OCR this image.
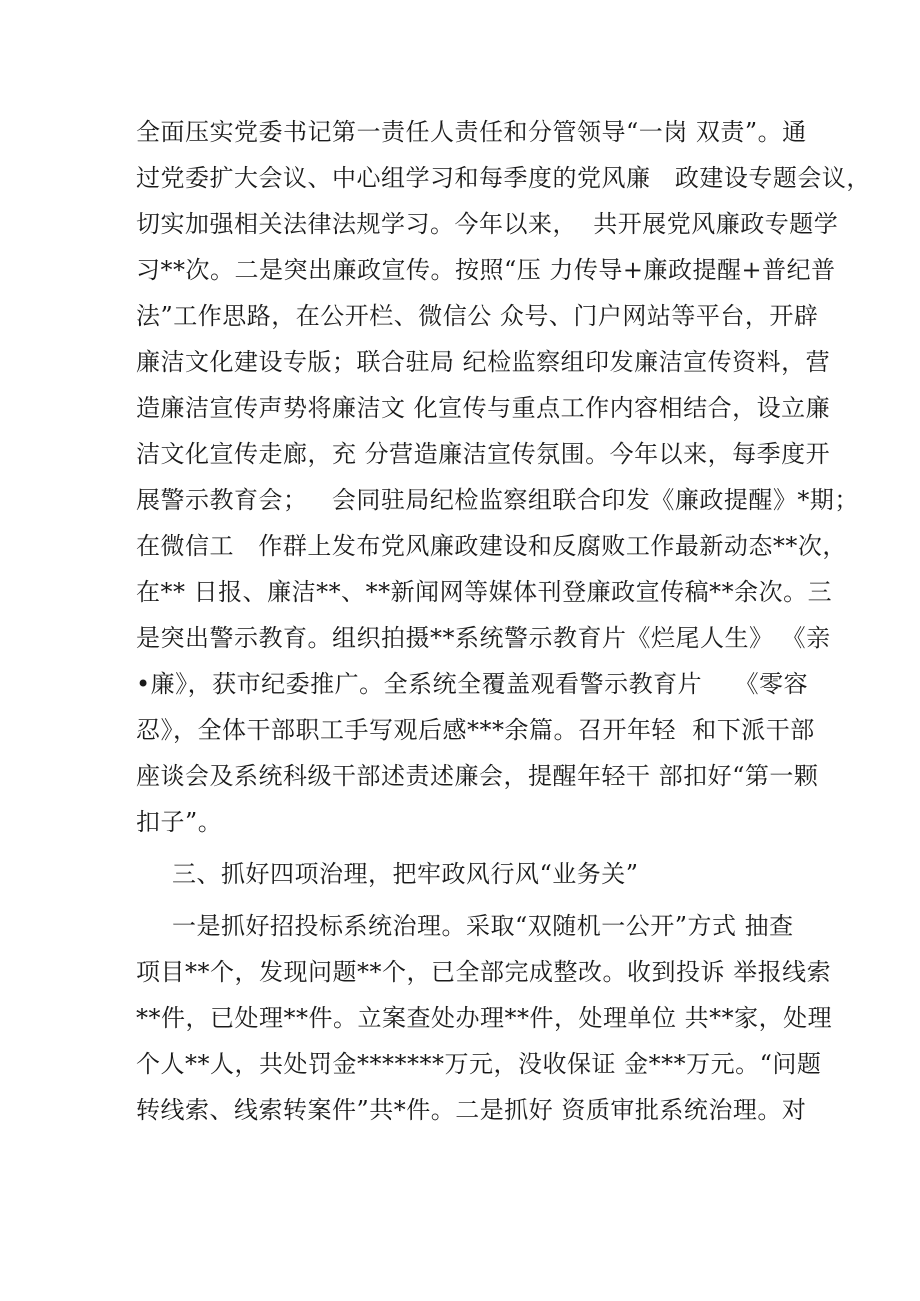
全面压实党委书记第一责任人责任和分管领导“一岗 双责”。通
过党委扩大会议、中心组学习和每季度的党风廉   政建设专题会议，
切实加强相关法律法规学习。今年以来，  共开展党风廉政专题学
习**次。二是突出廉政宣传。按照“压 力传导+廉政提醒+普纪普
法”工作思路，在公开栏、微信公 众号、门户网站等平台，开辟
廉洁文化建设专版；联合驻局 纪检监察组印发廉洁宣传资料，营
造廉洁宣传声势将廉洁文 化宣传与重点工作内容相结合，设立廉
洁文化宣传走廊，充 分营造廉洁宣传氛围。今年以来，每季度开
展警示教育会；   会同驻局纪检监察组联合印发《廉政提醒》*期；
在微信工   作群上发布党风廉政建设和反腐败工作最新动态**次，
在** 日报、廉洁**、**新闻网等媒体刊登廉政宣传稿**余次。三
是突出警示教育。组织拍摄**系统警示教育片《烂尾人生》 《亲
•廉》，获市纪委推广。全系统全覆盖观看警示教育片    《零容
忍》，全体干部职工手写观后感***余篇。召开年轻  和下派干部
座谈会及系统科级干部述责述廉会，提醒年轻干 部扣好“第一颗
扣子”。
三、抓好四项治理，把牢政风行风“业务关”
一是抓好招投标系统治理。采取“双随机一公开”方式 抽查
项目**个，发现问题**个，已全部完成整改。收到投诉 举报线索
**件，已处理**件。立案查处办理**件，处理单位 共**家，处理
个人**人，共处罚金*******万元，没收保证 金***万元。“问题
转线索、线索转案件”共*件。二是抓好 资质审批系统治理。对
